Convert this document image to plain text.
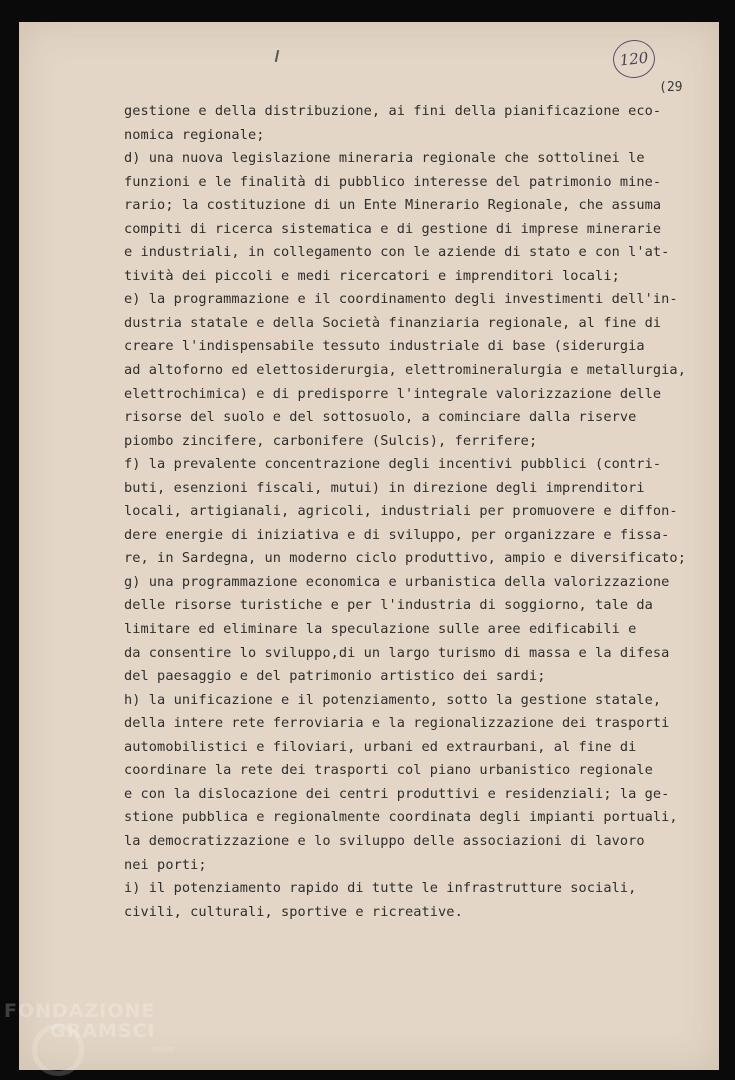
120
(29
gestione e della distribuzione, ai fini della pianificazione eco-
nomica regionale;
d) una nuova legislazione mineraria regionale che sottolinei le
funzioni e le finalità di pubblico interesse del patrimonio mine-
rario; la costituzione di un Ente Minerario Regionale, che assuma
compiti di ricerca sistematica e di gestione di imprese minerarie
e industriali, in collegamento con le aziende di stato e con l'at-
tività dei piccoli e medi ricercatori e imprenditori locali;
e) la programmazione e il coordinamento degli investimenti dell'in-
dustria statale e della Società finanziaria regionale, al fine di
creare l'indispensabile tessuto industriale di base (siderurgia
ad altoforno ed elettosiderurgia, elettromineralurgia e metallurgia,
elettrochimica) e di predisporre l'integrale valorizzazione delle
risorse del suolo e del sottosuolo, a cominciare dalla riserve
piombo zincifere, carbonifere (Sulcis), ferrifere;
f) la prevalente concentrazione degli incentivi pubblici (contri-
buti, esenzioni fiscali, mutui) in direzione degli imprenditori
locali, artigianali, agricoli, industriali per promuovere e diffon-
dere energie di iniziativa e di sviluppo, per organizzare e fissa-
re, in Sardegna, un moderno ciclo produttivo, ampio e diversificato;
g) una programmazione economica e urbanistica della valorizzazione
delle risorse turistiche e per l'industria di soggiorno, tale da
limitare ed eliminare la speculazione sulle aree edificabili e
da consentire lo sviluppo,di un largo turismo di massa e la difesa
del paesaggio e del patrimonio artistico dei sardi;
h) la unificazione e il potenziamento, sotto la gestione statale,
della intere rete ferroviaria e la regionalizzazione dei trasporti
automobilistici e filoviari, urbani ed extraurbani, al fine di
coordinare la rete dei trasporti col piano urbanistico regionale
e con la dislocazione dei centri produttivi e residenziali; la ge-
stione pubblica e regionalmente coordinata degli impianti portuali,
la democratizzazione e lo sviluppo delle associazioni di lavoro
nei porti;
i) il potenziamento rapido di tutte le infrastrutture sociali,
civili, culturali, sportive e ricreative.
FONDAZIONE
GRAMSCI
onlus
